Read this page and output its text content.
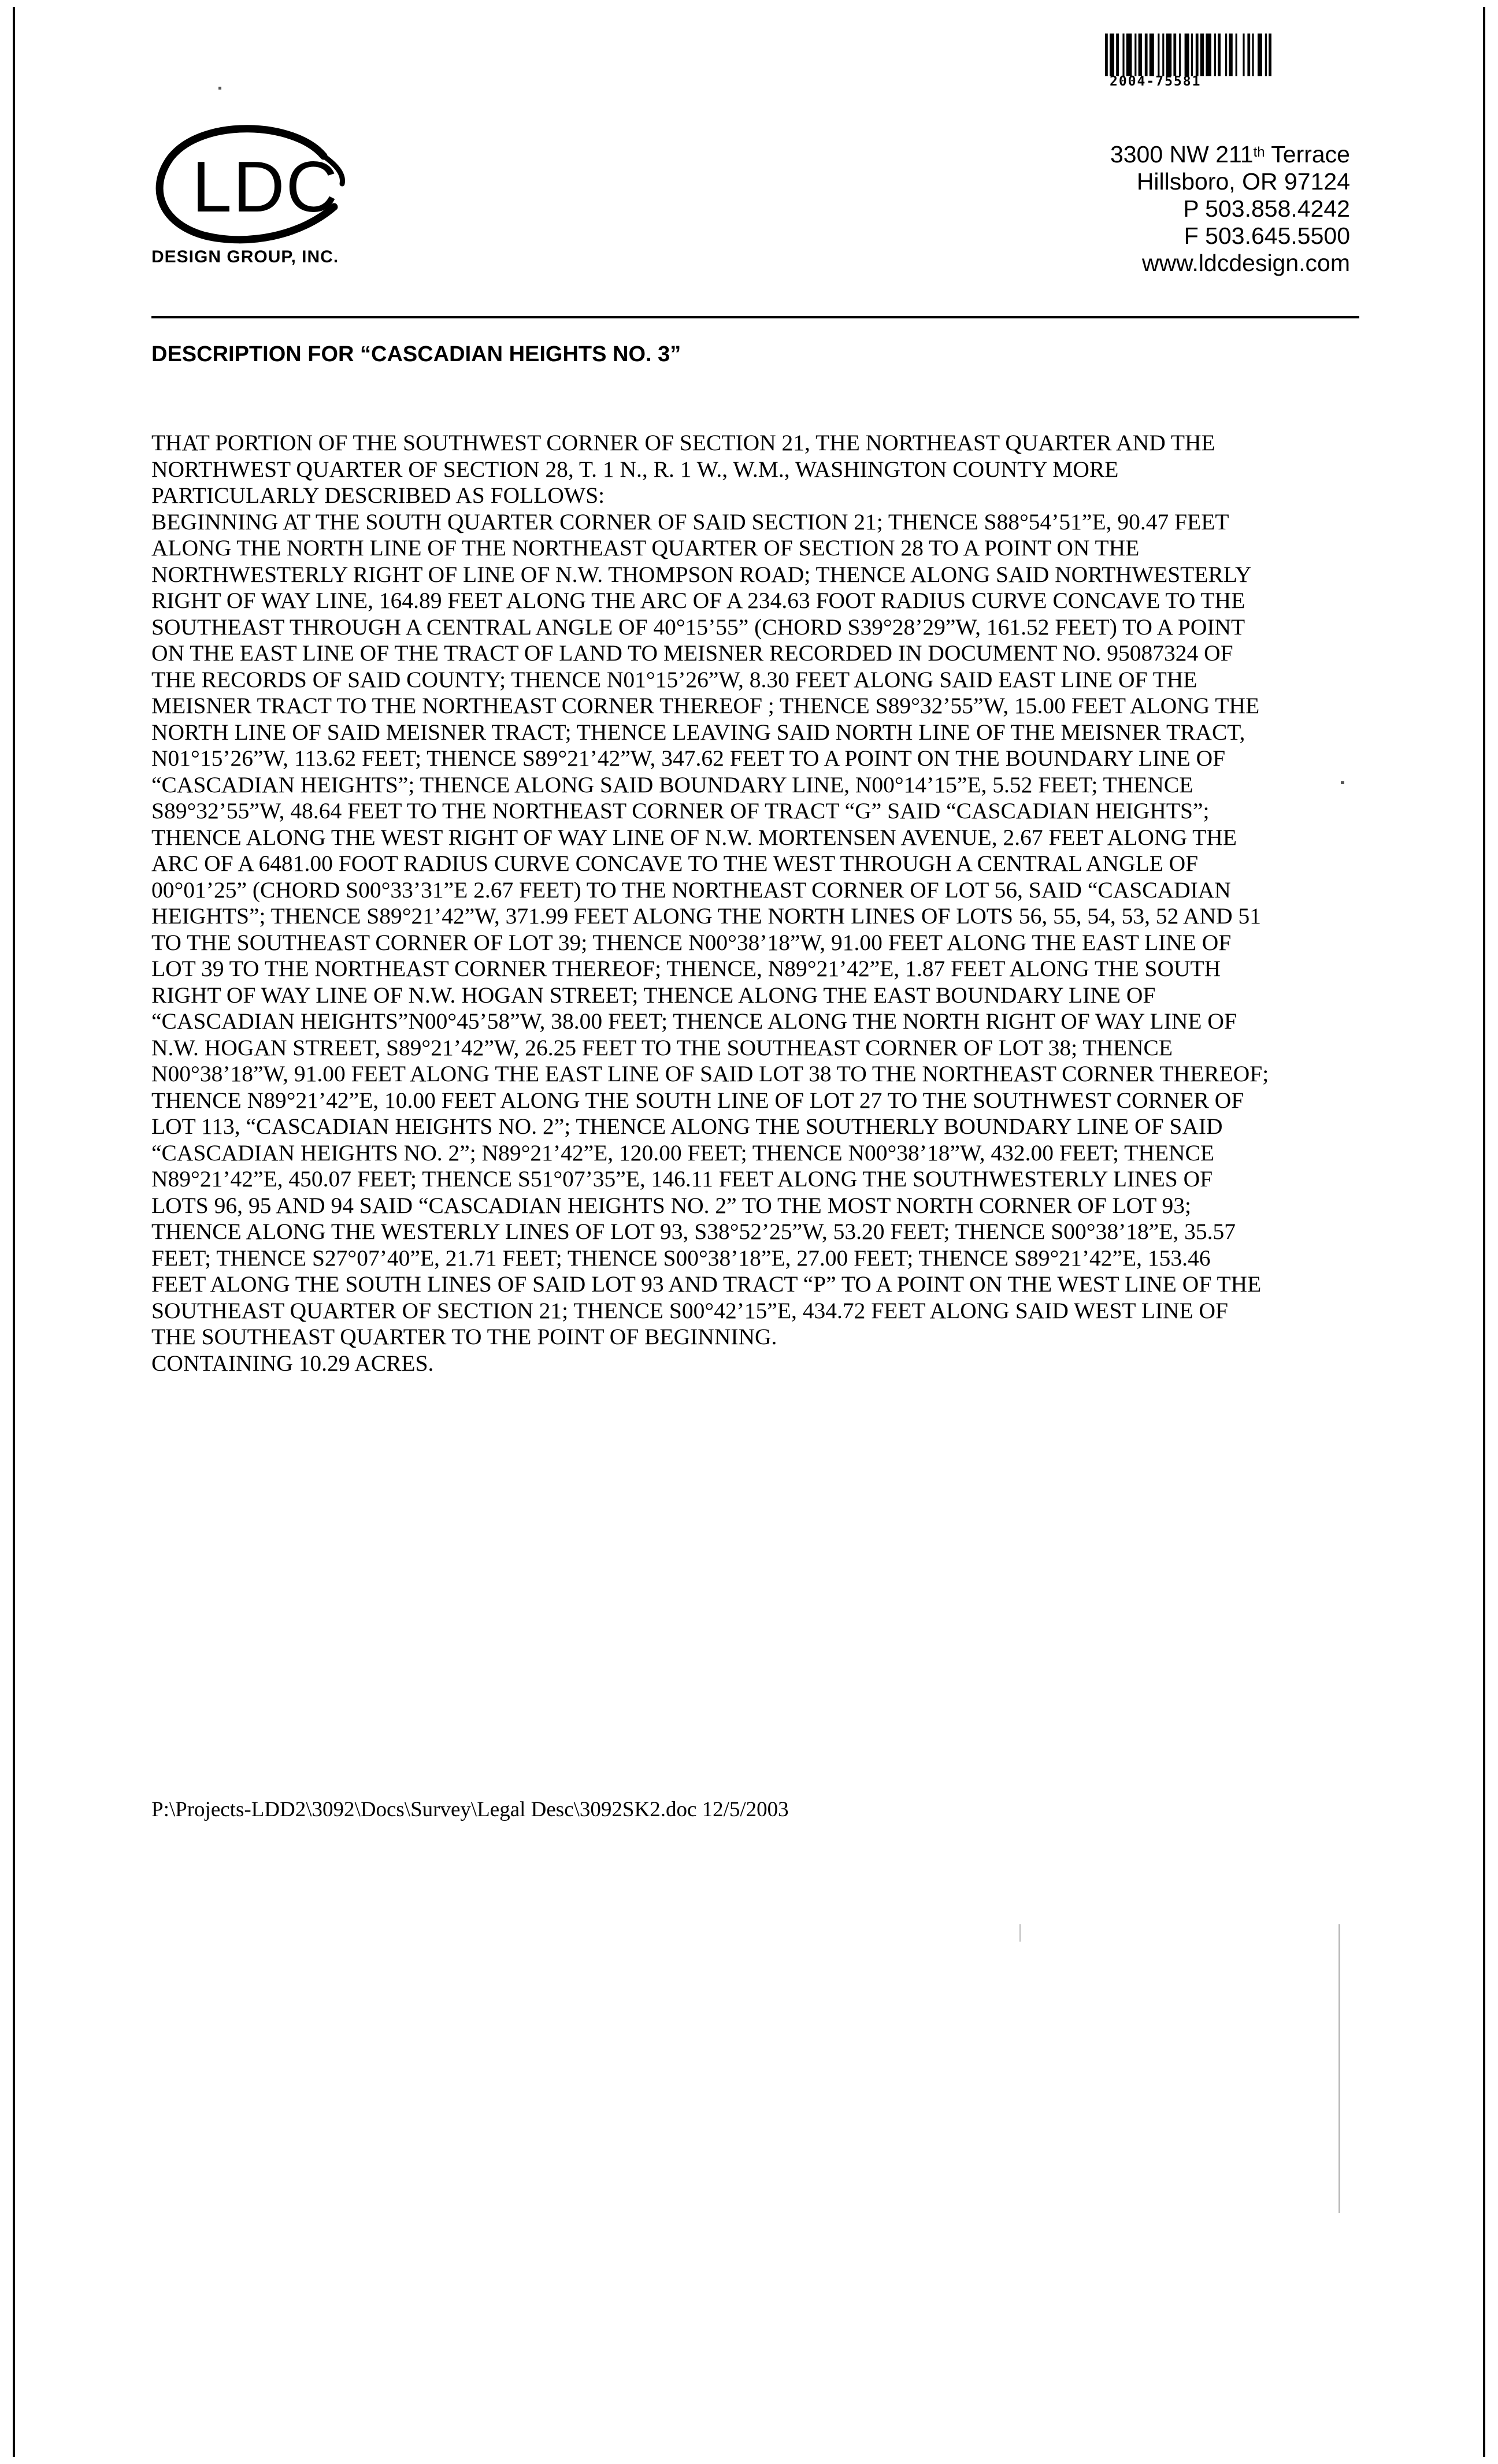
2004-75581
LDC
DESIGN GROUP, INC.
3300 NW 211th Terrace
Hillsboro, OR 97124
P 503.858.4242
F 503.645.5500
www.ldcdesign.com
DESCRIPTION FOR “CASCADIAN HEIGHTS NO. 3”
THAT PORTION OF THE SOUTHWEST CORNER OF SECTION 21, THE NORTHEAST QUARTER AND THE
NORTHWEST QUARTER OF SECTION 28, T. 1 N., R. 1 W., W.M., WASHINGTON COUNTY MORE
PARTICULARLY DESCRIBED AS FOLLOWS:
BEGINNING AT THE SOUTH QUARTER CORNER OF SAID SECTION 21; THENCE S88°54’51”E, 90.47 FEET
ALONG THE NORTH LINE OF THE NORTHEAST QUARTER OF SECTION 28 TO A POINT ON THE
NORTHWESTERLY RIGHT OF LINE OF N.W. THOMPSON ROAD; THENCE ALONG SAID NORTHWESTERLY
RIGHT OF WAY LINE, 164.89 FEET ALONG THE ARC OF A 234.63 FOOT RADIUS CURVE CONCAVE TO THE
SOUTHEAST THROUGH A CENTRAL ANGLE OF 40°15’55” (CHORD S39°28’29”W, 161.52 FEET) TO A POINT
ON THE EAST LINE OF THE TRACT OF LAND TO MEISNER RECORDED IN DOCUMENT NO. 95087324 OF
THE RECORDS OF SAID COUNTY; THENCE N01°15’26”W, 8.30 FEET ALONG SAID EAST LINE OF THE
MEISNER TRACT TO THE NORTHEAST CORNER THEREOF ; THENCE S89°32’55”W, 15.00 FEET ALONG THE
NORTH LINE OF SAID MEISNER TRACT; THENCE LEAVING SAID NORTH LINE OF THE MEISNER TRACT,
N01°15’26”W, 113.62 FEET; THENCE S89°21’42”W, 347.62 FEET TO A POINT ON THE BOUNDARY LINE OF
“CASCADIAN HEIGHTS”; THENCE ALONG SAID BOUNDARY LINE, N00°14’15”E, 5.52 FEET; THENCE
S89°32’55”W, 48.64 FEET TO THE NORTHEAST CORNER OF TRACT “G” SAID “CASCADIAN HEIGHTS”;
THENCE ALONG THE WEST RIGHT OF WAY LINE OF N.W. MORTENSEN AVENUE, 2.67 FEET ALONG THE
ARC OF A 6481.00 FOOT RADIUS CURVE CONCAVE TO THE WEST THROUGH A CENTRAL ANGLE OF
00°01’25” (CHORD S00°33’31”E 2.67 FEET) TO THE NORTHEAST CORNER OF LOT 56, SAID “CASCADIAN
HEIGHTS”; THENCE S89°21’42”W, 371.99 FEET ALONG THE NORTH LINES OF LOTS 56, 55, 54, 53, 52 AND 51
TO THE SOUTHEAST CORNER OF LOT 39; THENCE N00°38’18”W, 91.00 FEET ALONG THE EAST LINE OF
LOT 39 TO THE NORTHEAST CORNER THEREOF; THENCE, N89°21’42”E, 1.87 FEET ALONG THE SOUTH
RIGHT OF WAY LINE OF N.W. HOGAN STREET; THENCE ALONG THE EAST BOUNDARY LINE OF
“CASCADIAN HEIGHTS”N00°45’58”W, 38.00 FEET; THENCE ALONG THE NORTH RIGHT OF WAY LINE OF
N.W. HOGAN STREET, S89°21’42”W, 26.25 FEET TO THE SOUTHEAST CORNER OF LOT 38; THENCE
N00°38’18”W, 91.00 FEET ALONG THE EAST LINE OF SAID LOT 38 TO THE NORTHEAST CORNER THEREOF;
THENCE N89°21’42”E, 10.00 FEET ALONG THE SOUTH LINE OF LOT 27 TO THE SOUTHWEST CORNER OF
LOT 113, “CASCADIAN HEIGHTS NO. 2”; THENCE ALONG THE SOUTHERLY BOUNDARY LINE OF SAID
“CASCADIAN HEIGHTS NO. 2”; N89°21’42”E, 120.00 FEET; THENCE N00°38’18”W, 432.00 FEET; THENCE
N89°21’42”E, 450.07 FEET; THENCE S51°07’35”E, 146.11 FEET ALONG THE SOUTHWESTERLY LINES OF
LOTS 96, 95 AND 94 SAID “CASCADIAN HEIGHTS NO. 2” TO THE MOST NORTH CORNER OF LOT 93;
THENCE ALONG THE WESTERLY LINES OF LOT 93, S38°52’25”W, 53.20 FEET; THENCE S00°38’18”E, 35.57
FEET; THENCE S27°07’40”E, 21.71 FEET; THENCE S00°38’18”E, 27.00 FEET; THENCE S89°21’42”E, 153.46
FEET ALONG THE SOUTH LINES OF SAID LOT 93 AND TRACT “P” TO A POINT ON THE WEST LINE OF THE
SOUTHEAST QUARTER OF SECTION 21; THENCE S00°42’15”E, 434.72 FEET ALONG SAID WEST LINE OF
THE SOUTHEAST QUARTER TO THE POINT OF BEGINNING.
CONTAINING 10.29 ACRES.
P:\Projects-LDD2\3092\Docs\Survey\Legal Desc\3092SK2.doc 12/5/2003
